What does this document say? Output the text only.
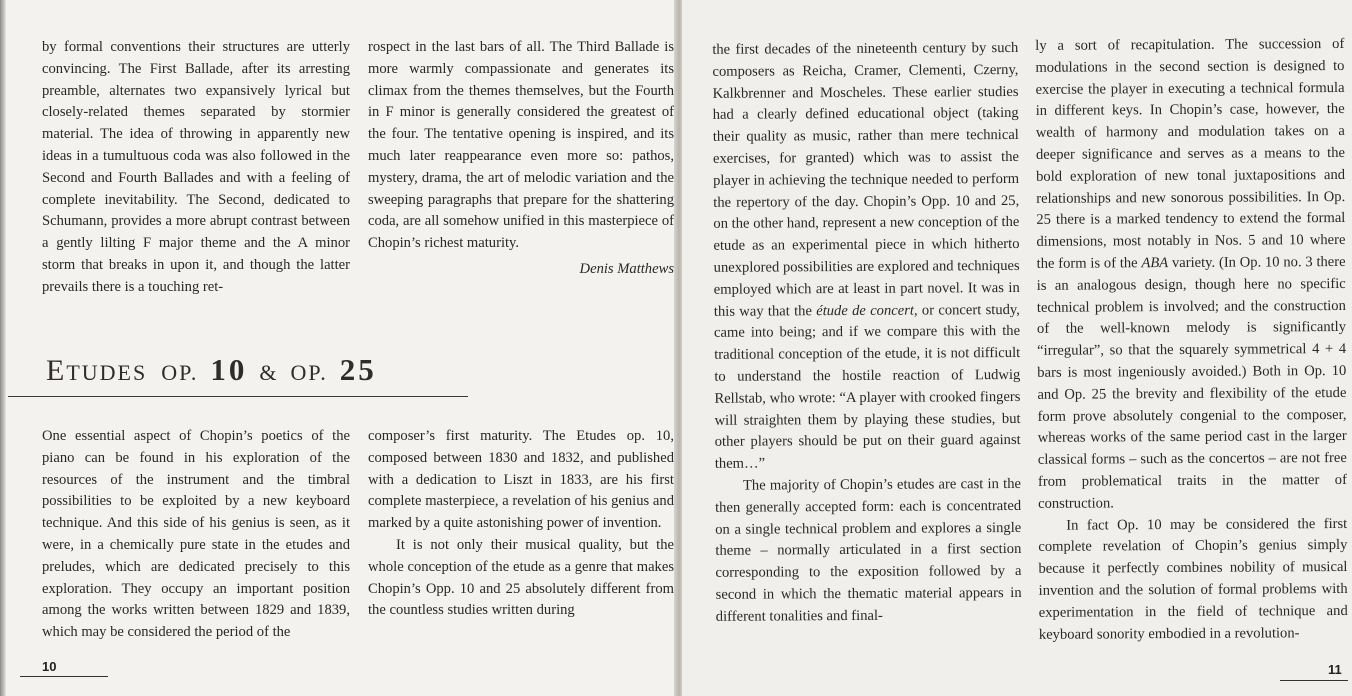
by formal conventions their structures are utterly convincing. The First Ballade, after its arresting preamble, alternates two expansively lyrical but closely-related themes separated by stormier material. The idea of throwing in apparently new ideas in a tumultuous coda was also followed in the Second and Fourth Ballades and with a feeling of complete inevitability. The Second, dedicated to Schumann, provides a more abrupt contrast between a gently lilting F major theme and the A minor storm that breaks in upon it, and though the latter prevails there is a touching ret-

rospect in the last bars of all. The Third Ballade is more warmly compassionate and generates its climax from the themes themselves, but the Fourth in F minor is generally considered the greatest of the four. The tentative opening is inspired, and its much later reappearance even more so: pathos, mystery, drama, the art of melodic variation and the sweeping paragraphs that prepare for the shattering coda, are all somehow unified in this masterpiece of Chopin’s richest maturity.

Denis Matthews

ETUDES OP. 10 & OP. 25

One essential aspect of Chopin’s poetics of the piano can be found in his exploration of the resources of the instrument and the timbral possibilities to be exploited by a new keyboard technique. And this side of his genius is seen, as it were, in a chemically pure state in the etudes and preludes, which are dedicated precisely to this exploration. They occupy an important position among the works written between 1829 and 1839, which may be considered the period of the

composer’s first maturity. The Etudes op. 10, composed between 1830 and 1832, and published with a dedication to Liszt in 1833, are his first complete masterpiece, a revelation of his genius and marked by a quite astonishing power of invention.

It is not only their musical quality, but the whole conception of the etude as a genre that makes Chopin’s Opp. 10 and 25 absolutely different from the countless studies written during

10

the first decades of the nineteenth century by such composers as Reicha, Cramer, Clementi, Czerny, Kalkbrenner and Moscheles. These earlier studies had a clearly defined educational object (taking their quality as music, rather than mere technical exercises, for granted) which was to assist the player in achieving the technique needed to perform the repertory of the day. Chopin’s Opp. 10 and 25, on the other hand, represent a new conception of the etude as an experimental piece in which hitherto unexplored possibilities are explored and techniques employed which are at least in part novel. It was in this way that the étude de concert, or concert study, came into being; and if we compare this with the traditional conception of the etude, it is not difficult to understand the hostile reaction of Ludwig Rellstab, who wrote: “A player with crooked fingers will straighten them by playing these studies, but other players should be put on their guard against them…”

The majority of Chopin’s etudes are cast in the then generally accepted form: each is concentrated on a single technical problem and explores a single theme – normally articulated in a first section corresponding to the exposition followed by a second in which the thematic material appears in different tonalities and final-

ly a sort of recapitulation. The succession of modulations in the second section is designed to exercise the player in executing a technical formula in different keys. In Chopin’s case, however, the wealth of harmony and modulation takes on a deeper significance and serves as a means to the bold exploration of new tonal juxtapositions and relationships and new sonorous possibilities. In Op. 25 there is a marked tendency to extend the formal dimensions, most notably in Nos. 5 and 10 where the form is of the ABA variety. (In Op. 10 no. 3 there is an analogous design, though here no specific technical problem is involved; and the construction of the well-known melody is significantly “irregular”, so that the squarely symmetrical 4 + 4 bars is most ingeniously avoided.) Both in Op. 10 and Op. 25 the brevity and flexibility of the etude form prove absolutely congenial to the composer, whereas works of the same period cast in the larger classical forms – such as the concertos – are not free from problematical traits in the matter of construction.

In fact Op. 10 may be considered the first complete revelation of Chopin’s genius simply because it perfectly combines nobility of musical invention and the solution of formal problems with experimentation in the field of technique and keyboard sonority embodied in a revolution-

11
